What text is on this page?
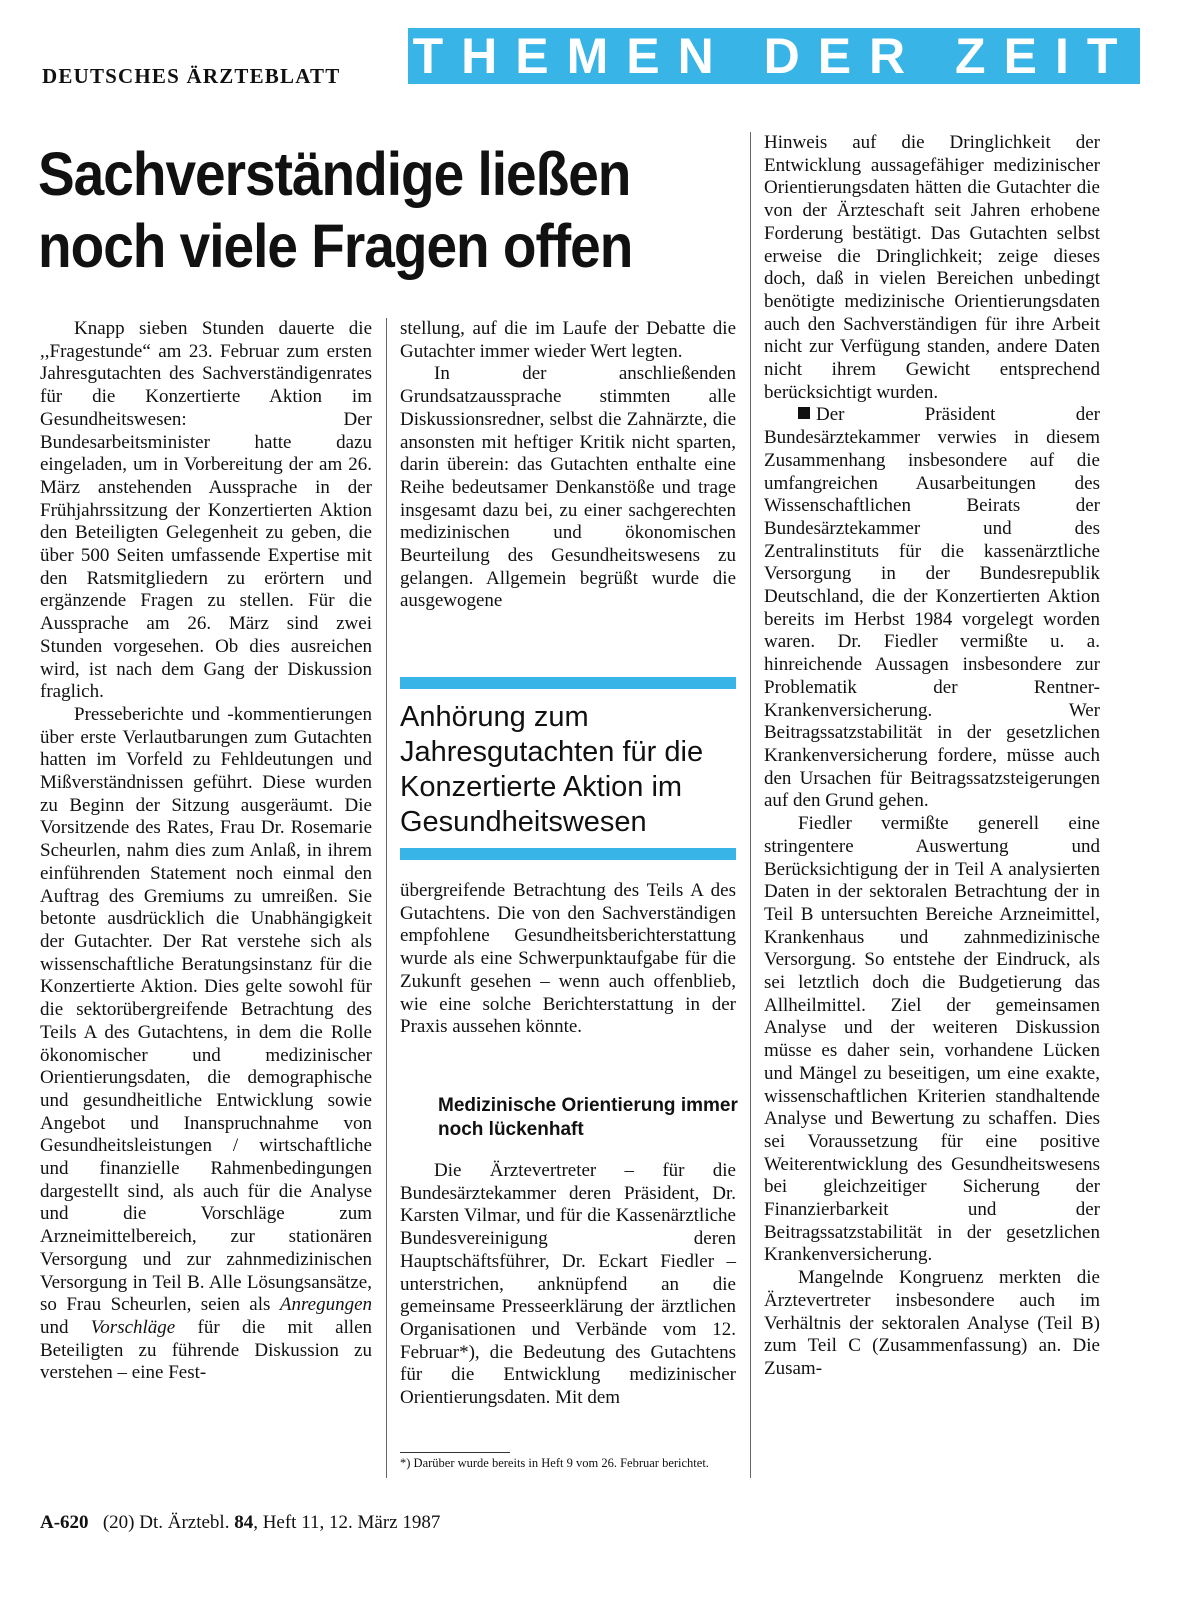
DEUTSCHES ÄRZTEBLATT THEMEN DER ZEIT
Sachverständige ließen
noch viele Fragen offen

Knapp sieben Stunden dauerte die ,,Fragestunde“ am 23. Februar zum ersten Jahresgutachten des Sachverständigenrates für die Konzertierte Aktion im Gesundheitswesen: Der Bundesarbeitsminister hatte dazu eingeladen, um in Vorbereitung der am 26. März anstehenden Aussprache in der Frühjahrssitzung der Konzertierten Aktion den Beteiligten Gelegenheit zu geben, die über 500 Seiten umfassende Expertise mit den Ratsmitgliedern zu erörtern und ergänzende Fragen zu stellen. Für die Aussprache am 26. März sind zwei Stunden vorgesehen. Ob dies ausreichen wird, ist nach dem Gang der Diskussion fraglich.

Presseberichte und -kommentierungen über erste Verlautbarungen zum Gutachten hatten im Vorfeld zu Fehldeutungen und Mißverständnissen geführt. Diese wurden zu Beginn der Sitzung ausgeräumt. Die Vorsitzende des Rates, Frau Dr. Rosemarie Scheurlen, nahm dies zum Anlaß, in ihrem einführenden Statement noch einmal den Auftrag des Gremiums zu umreißen. Sie betonte ausdrücklich die Unabhängigkeit der Gutachter. Der Rat verstehe sich als wissenschaftliche Beratungsinstanz für die Konzertierte Aktion. Dies gelte sowohl für die sektorübergreifende Betrachtung des Teils A des Gutachtens, in dem die Rolle ökonomischer und medizinischer Orientierungsdaten, die demographische und gesundheitliche Entwicklung sowie Angebot und Inanspruchnahme von Gesundheitsleistungen / wirtschaftliche und finanzielle Rahmenbedingungen dargestellt sind, als auch für die Analyse und die Vorschläge zum Arzneimittelbereich, zur stationären Versorgung und zur zahnmedizinischen Versorgung in Teil B. Alle Lösungsansätze, so Frau Scheurlen, seien als Anregungen und Vorschläge für die mit allen Beteiligten zu führende Diskussion zu verstehen – eine Fest-

stellung, auf die im Laufe der Debatte die Gutachter immer wieder Wert legten.

In der anschließenden Grundsatzaussprache stimmten alle Diskussionsredner, selbst die Zahnärzte, die ansonsten mit heftiger Kritik nicht sparten, darin überein: das Gutachten enthalte eine Reihe bedeutsamer Denkanstöße und trage insgesamt dazu bei, zu einer sachgerechten medizinischen und ökonomischen Beurteilung des Gesundheitswesens zu gelangen. Allgemein begrüßt wurde die ausgewogene

Anhörung zum Jahresgutachten für die Konzertierte Aktion im Gesundheitswesen

übergreifende Betrachtung des Teils A des Gutachtens. Die von den Sachverständigen empfohlene Gesundheitsberichterstattung wurde als eine Schwerpunktaufgabe für die Zukunft gesehen – wenn auch offenblieb, wie eine solche Berichterstattung in der Praxis aussehen könnte.

Medizinische Orientierung immer noch lückenhaft

Die Ärztevertreter – für die Bundesärztekammer deren Präsident, Dr. Karsten Vilmar, und für die Kassenärztliche Bundesvereinigung deren Hauptschäftsführer, Dr. Eckart Fiedler – unterstrichen, anknüpfend an die gemeinsame Presseerklärung der ärztlichen Organisationen und Verbände vom 12. Februar*), die Bedeutung des Gutachtens für die Entwicklung medizinischer Orientierungsdaten. Mit dem

*) Darüber wurde bereits in Heft 9 vom 26. Februar berichtet.

Hinweis auf die Dringlichkeit der Entwicklung aussagefähiger medizinischer Orientierungsdaten hätten die Gutachter die von der Ärzteschaft seit Jahren erhobene Forderung bestätigt. Das Gutachten selbst erweise die Dringlichkeit; zeige dieses doch, daß in vielen Bereichen unbedingt benötigte medizinische Orientierungsdaten auch den Sachverständigen für ihre Arbeit nicht zur Verfügung standen, andere Daten nicht ihrem Gewicht entsprechend berücksichtigt wurden.

Der Präsident der Bundesärztekammer verwies in diesem Zusammenhang insbesondere auf die umfangreichen Ausarbeitungen des Wissenschaftlichen Beirats der Bundesärztekammer und des Zentralinstituts für die kassenärztliche Versorgung in der Bundesrepublik Deutschland, die der Konzertierten Aktion bereits im Herbst 1984 vorgelegt worden waren. Dr. Fiedler vermißte u. a. hinreichende Aussagen insbesondere zur Problematik der Rentner-Krankenversicherung. Wer Beitragssatzstabilität in der gesetzlichen Krankenversicherung fordere, müsse auch den Ursachen für Beitragssatzsteigerungen auf den Grund gehen.

Fiedler vermißte generell eine stringentere Auswertung und Berücksichtigung der in Teil A analysierten Daten in der sektoralen Betrachtung der in Teil B untersuchten Bereiche Arzneimittel, Krankenhaus und zahnmedizinische Versorgung. So entstehe der Eindruck, als sei letztlich doch die Budgetierung das Allheilmittel. Ziel der gemeinsamen Analyse und der weiteren Diskussion müsse es daher sein, vorhandene Lücken und Mängel zu beseitigen, um eine exakte, wissenschaftlichen Kriterien standhaltende Analyse und Bewertung zu schaffen. Dies sei Voraussetzung für eine positive Weiterentwicklung des Gesundheitswesens bei gleichzeitiger Sicherung der Finanzierbarkeit und der Beitragssatzstabilität in der gesetzlichen Krankenversicherung.

Mangelnde Kongruenz merkten die Ärztevertreter insbesondere auch im Verhältnis der sektoralen Analyse (Teil B) zum Teil C (Zusammenfassung) an. Die Zusam-

A-620 (20) Dt. Ärztebl. 84, Heft 11, 12. März 1987
